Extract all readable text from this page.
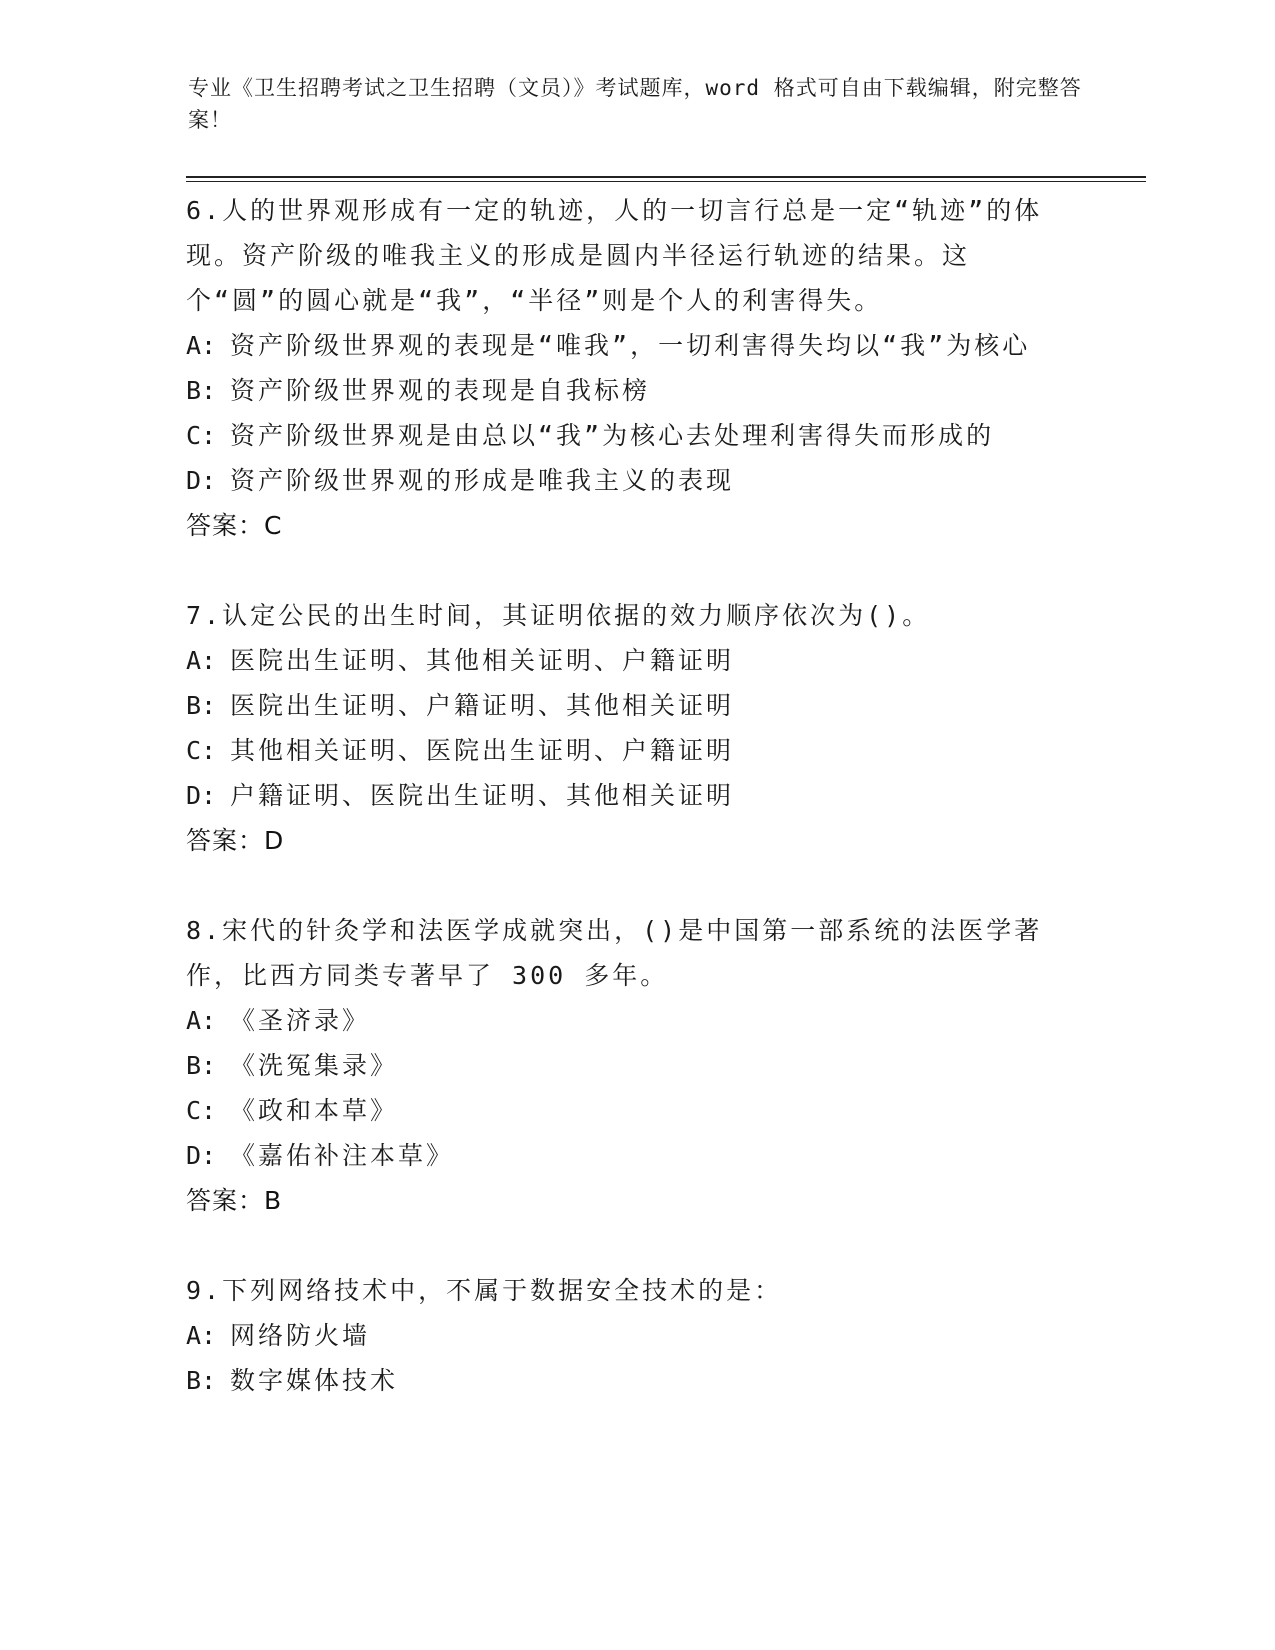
专业《卫生招聘考试之卫生招聘（文员）》考试题库，word 格式可自由下载编辑，附完整答案！
6.人的世界观形成有一定的轨迹，人的一切言行总是一定“轨迹”的体现。资产阶级的唯我主义的形成是圆内半径运行轨迹的结果。这个“圆”的圆心就是“我”，“半径”则是个人的利害得失。
A: 资产阶级世界观的表现是“唯我”，一切利害得失均以“我”为核心
B: 资产阶级世界观的表现是自我标榜
C: 资产阶级世界观是由总以“我”为核心去处理利害得失而形成的
D: 资产阶级世界观的形成是唯我主义的表现
答案：C
7.认定公民的出生时间，其证明依据的效力顺序依次为()。
A: 医院出生证明、其他相关证明、户籍证明
B: 医院出生证明、户籍证明、其他相关证明
C: 其他相关证明、医院出生证明、户籍证明
D: 户籍证明、医院出生证明、其他相关证明
答案：D
8.宋代的针灸学和法医学成就突出，()是中国第一部系统的法医学著作，比西方同类专著早了 300 多年。
A: 《圣济录》
B: 《洗冤集录》
C: 《政和本草》
D: 《嘉佑补注本草》
答案：B
9.下列网络技术中，不属于数据安全技术的是：
A: 网络防火墙
B: 数字媒体技术
